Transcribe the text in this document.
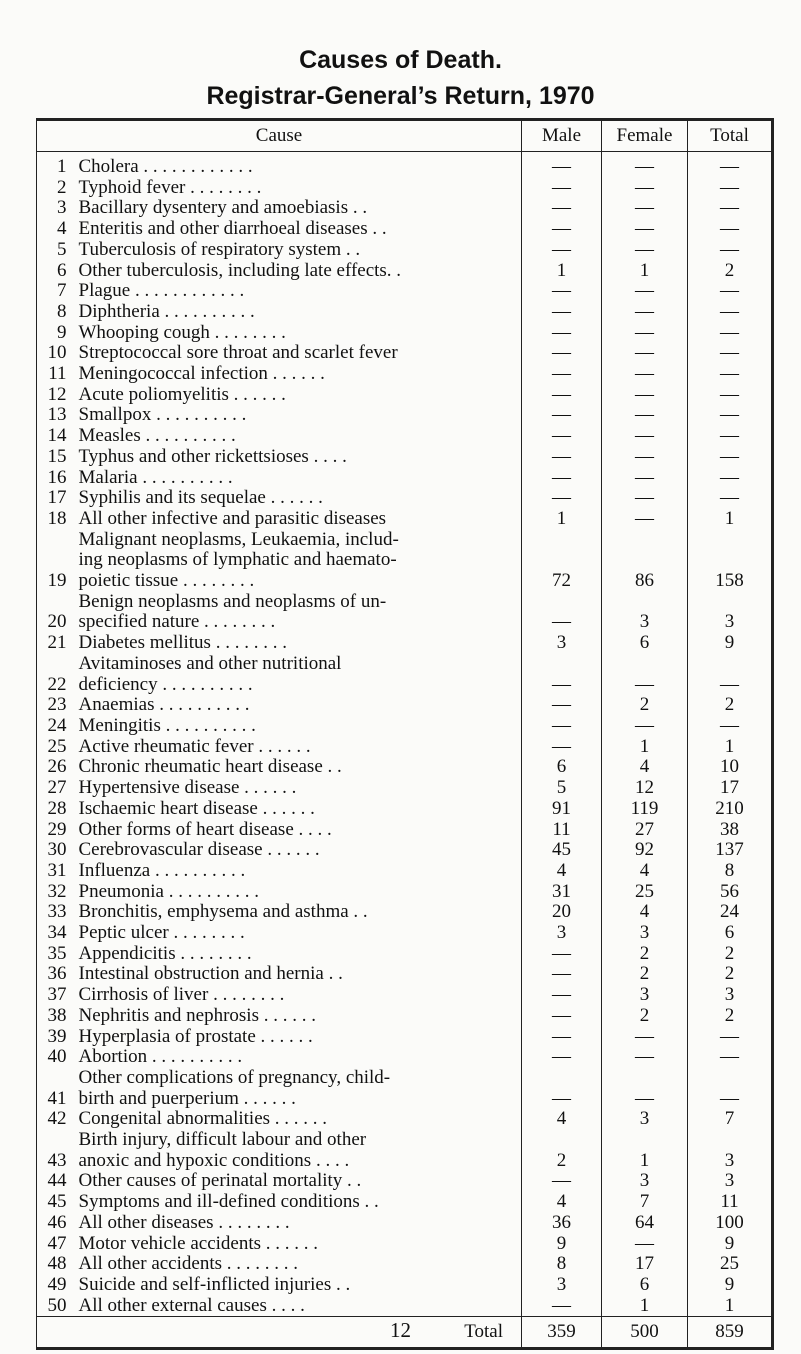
Causes of Death.
Registrar-General’s Return, 1970
Cause		Male	Female	Total
1	Cholera . . . . . . . . . . . .	—	—	—
2	Typhoid fever . . . . . . . .	—	—	—
3	Bacillary dysentery and amoebiasis . .	—	—	—
4	Enteritis and other diarrhoeal diseases . .	—	—	—
5	Tuberculosis of respiratory system . .	—	—	—
6	Other tuberculosis, including late effects. .	1	1	2
7	Plague . . . . . . . . . . . .	—	—	—
8	Diphtheria . . . . . . . . . .	—	—	—
9	Whooping cough . . . . . . . .	—	—	—
10	Streptococcal sore throat and scarlet fever	—	—	—
11	Meningococcal infection . . . . . .	—	—	—
12	Acute poliomyelitis . . . . . .	—	—	—
13	Smallpox . . . . . . . . . .	—	—	—
14	Measles . . . . . . . . . .	—	—	—
15	Typhus and other rickettsioses . . . .	—	—	—
16	Malaria . . . . . . . . . .	—	—	—
17	Syphilis and its sequelae . . . . . .	—	—	—
18	All other infective and parasitic diseases	1	—	1
19	Malignant neoplasms, Leukaemia, includ-
ing neoplasms of lymphatic and haemato-
poietic tissue . . . . . . . .	72	86	158
20	Benign neoplasms and neoplasms of un-
specified nature . . . . . . . .	—	3	3
21	Diabetes mellitus . . . . . . . .	3	6	9
22	Avitaminoses and other nutritional
deficiency . . . . . . . . . .	—	—	—
23	Anaemias . . . . . . . . . .	—	2	2
24	Meningitis . . . . . . . . . .	—	—	—
25	Active rheumatic fever . . . . . .	—	1	1
26	Chronic rheumatic heart disease . .	6	4	10
27	Hypertensive disease . . . . . .	5	12	17
28	Ischaemic heart disease . . . . . .	91	119	210
29	Other forms of heart disease . . . .	11	27	38
30	Cerebrovascular disease . . . . . .	45	92	137
31	Influenza . . . . . . . . . .	4	4	8
32	Pneumonia . . . . . . . . . .	31	25	56
33	Bronchitis, emphysema and asthma . .	20	4	24
34	Peptic ulcer . . . . . . . .	3	3	6
35	Appendicitis . . . . . . . .	—	2	2
36	Intestinal obstruction and hernia . .	—	2	2
37	Cirrhosis of liver . . . . . . . .	—	3	3
38	Nephritis and nephrosis . . . . . .	—	2	2
39	Hyperplasia of prostate . . . . . .	—	—	—
40	Abortion . . . . . . . . . .	—	—	—
41	Other complications of pregnancy, child-
birth and puerperium . . . . . .	—	—	—
42	Congenital abnormalities . . . . . .	4	3	7
43	Birth injury, difficult labour and other
anoxic and hypoxic conditions . . . .	2	1	3
44	Other causes of perinatal mortality . .	—	3	3
45	Symptoms and ill-defined conditions . .	4	7	11
46	All other diseases . . . . . . . .	36	64	100
47	Motor vehicle accidents . . . . . .	9	—	9
48	All other accidents . . . . . . . .	8	17	25
49	Suicide and self-inflicted injuries . .	3	6	9
50	All other external causes . . . .	—	1	1
Total		359	500	859
12
